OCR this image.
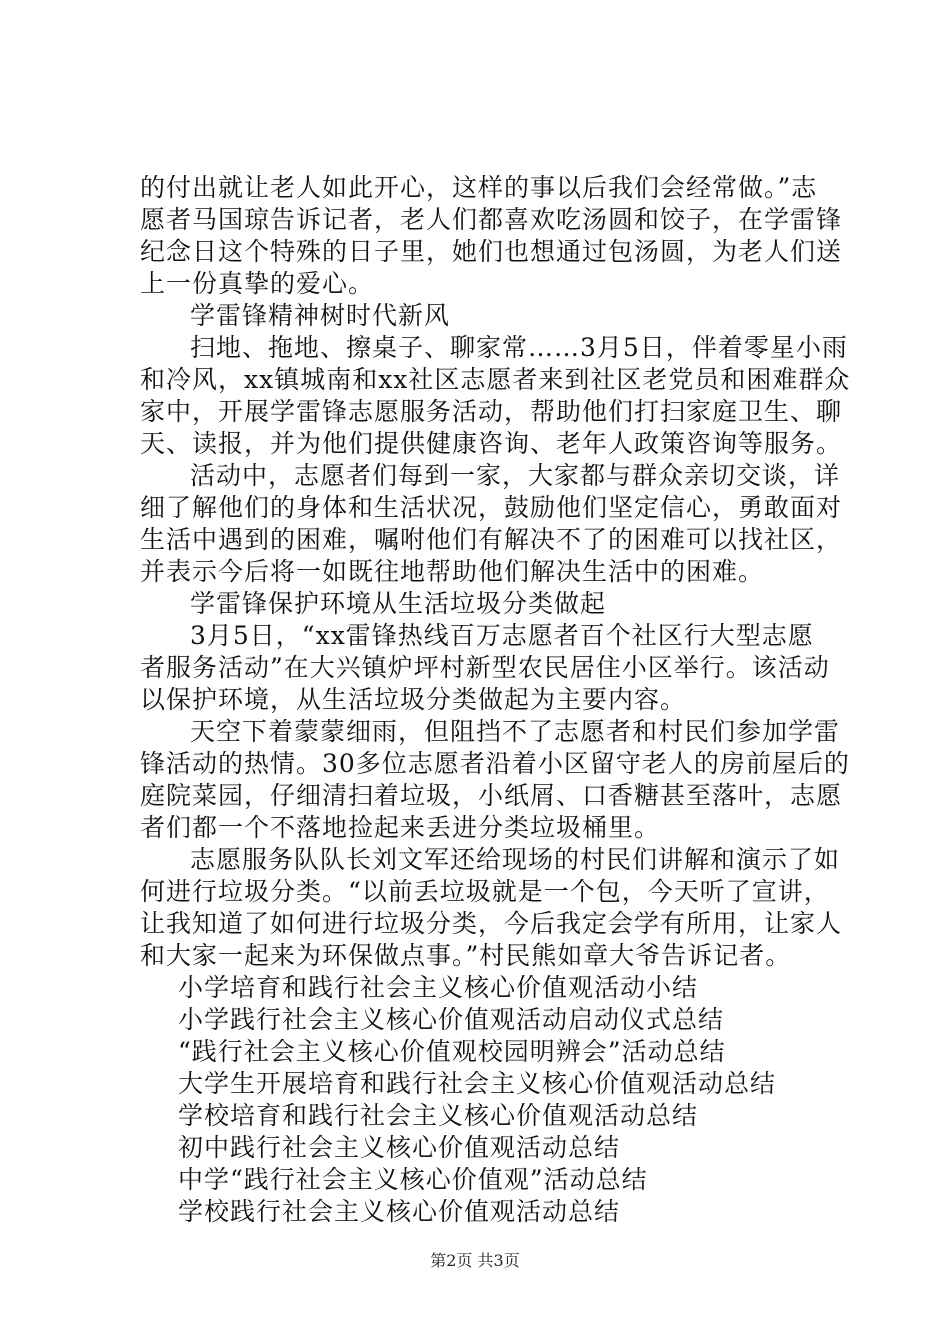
的付出就让老人如此开心，这样的事以后我们会经常做。”志

愿者马国琼告诉记者，老人们都喜欢吃汤圆和饺子，在学雷锋

纪念日这个特殊的日子里，她们也想通过包汤圆，为老人们送

上一份真挚的爱心。

学雷锋精神树时代新风

扫地、拖地、擦桌子、聊家常……3月5日，伴着零星小雨

和冷风，xx镇城南和xx社区志愿者来到社区老党员和困难群众

家中，开展学雷锋志愿服务活动，帮助他们打扫家庭卫生、聊

天、读报，并为他们提供健康咨询、老年人政策咨询等服务。

活动中，志愿者们每到一家，大家都与群众亲切交谈，详

细了解他们的身体和生活状况，鼓励他们坚定信心，勇敢面对

生活中遇到的困难，嘱咐他们有解决不了的困难可以找社区，

并表示今后将一如既往地帮助他们解决生活中的困难。

学雷锋保护环境从生活垃圾分类做起

3月5日，“xx雷锋热线百万志愿者百个社区行大型志愿

者服务活动”在大兴镇炉坪村新型农民居住小区举行。该活动

以保护环境，从生活垃圾分类做起为主要内容。

天空下着蒙蒙细雨，但阻挡不了志愿者和村民们参加学雷

锋活动的热情。30多位志愿者沿着小区留守老人的房前屋后的

庭院菜园，仔细清扫着垃圾，小纸屑、口香糖甚至落叶，志愿

者们都一个不落地捡起来丢进分类垃圾桶里。

志愿服务队队长刘文军还给现场的村民们讲解和演示了如

何进行垃圾分类。“以前丢垃圾就是一个包，今天听了宣讲，

让我知道了如何进行垃圾分类，今后我定会学有所用，让家人

和大家一起来为环保做点事。”村民熊如章大爷告诉记者。

小学培育和践行社会主义核心价值观活动小结

小学践行社会主义核心价值观活动启动仪式总结

“践行社会主义核心价值观校园明辨会”活动总结

大学生开展培育和践行社会主义核心价值观活动总结

学校培育和践行社会主义核心价值观活动总结

初中践行社会主义核心价值观活动总结

中学“践行社会主义核心价值观”活动总结

学校践行社会主义核心价值观活动总结

第2页 共3页
